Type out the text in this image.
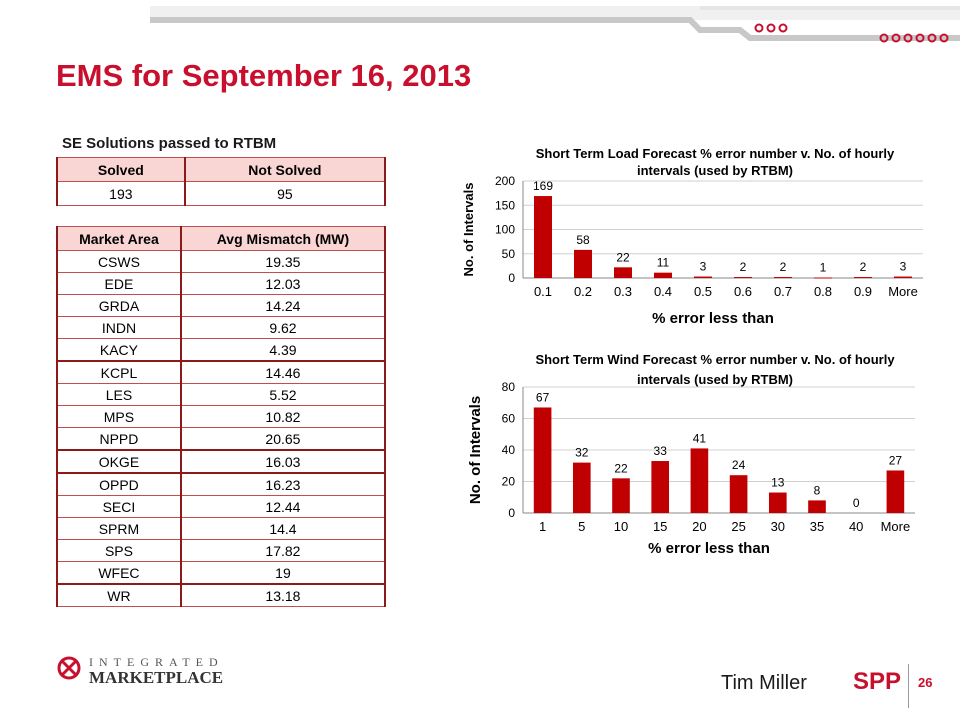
EMS for September 16, 2013
SE Solutions passed to RTBM
Solved	Not Solved
193	95
Market Area	Avg Mismatch (MW)
CSWS	19.35
EDE	12.03
GRDA	14.24
INDN	9.62
KACY	4.39
KCPL	14.46
LES	5.52
MPS	10.82
NPPD	20.65
OKGE	16.03
OPPD	16.23
SECI	12.44
SPRM	14.4
SPS	17.82
WFEC	19
WR	13.18
Short Term Load Forecast % error number v. No. of hourly
intervals (used by RTBM)
No. of Intervals
% error less than
0
50
100
150
200 169
0.1
58
0.2
22
0.3
11
0.4
3
0.5
2
0.6
2
0.7
1
0.8
2
0.9
3
More
Short Term Wind Forecast % error number v. No. of hourly
intervals (used by RTBM)
No. of Intervals
% error less than
0
20
40
60
80
67
1
32
5
22
10
33
15
41
20
24
25
13
30
8
35
0
40
27
More
INTEGRATED
MARKETPLACE	Tim Miller SPP 26
